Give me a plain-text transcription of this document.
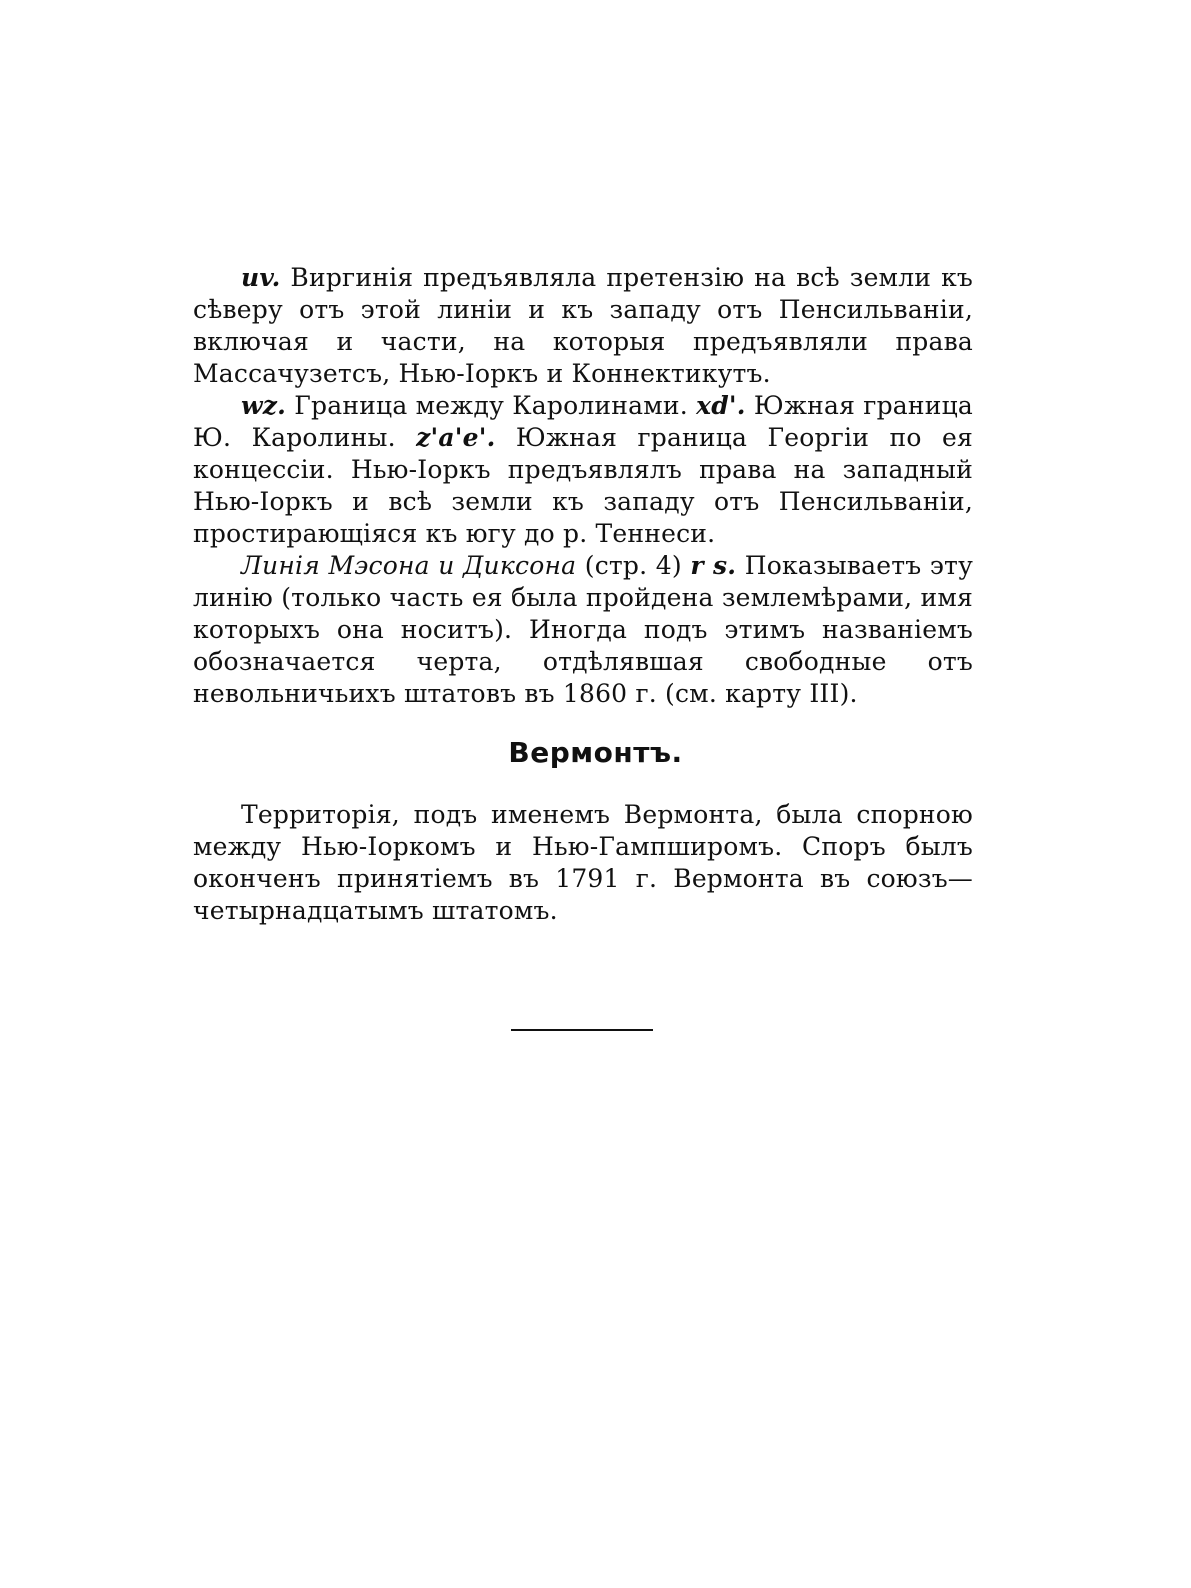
uv. Виргинія предъявляла претензію на всѣ земли къ сѣверу отъ этой линіи и къ западу отъ Пенсильваніи, включая и части, на которыя предъявляли права Массачузетсъ, Нью-Іоркъ и Коннектикутъ.

wz. Граница между Каролинами. xd'. Южная граница Ю. Каролины. z'a'e'. Южная граница Георгіи по ея концессіи. Нью-Іоркъ предъявлялъ права на западный Нью-Іоркъ и всѣ земли къ западу отъ Пенсильваніи, простирающіяся къ югу до р. Теннеси.

Линія Мэсона и Диксона (стр. 4) r s. Показываетъ эту линію (только часть ея была пройдена землемѣрами, имя которыхъ она носитъ). Иногда подъ этимъ названіемъ обозначается черта, отдѣлявшая свободные отъ невольничьихъ штатовъ въ 1860 г. (см. карту III).

Вермонтъ.

Территорія, подъ именемъ Вермонта, была спорною между Нью-Іоркомъ и Нью-Гампширомъ. Споръ былъ оконченъ принятіемъ въ 1791 г. Вермонта въ союзъ—четырнадцатымъ штатомъ.
